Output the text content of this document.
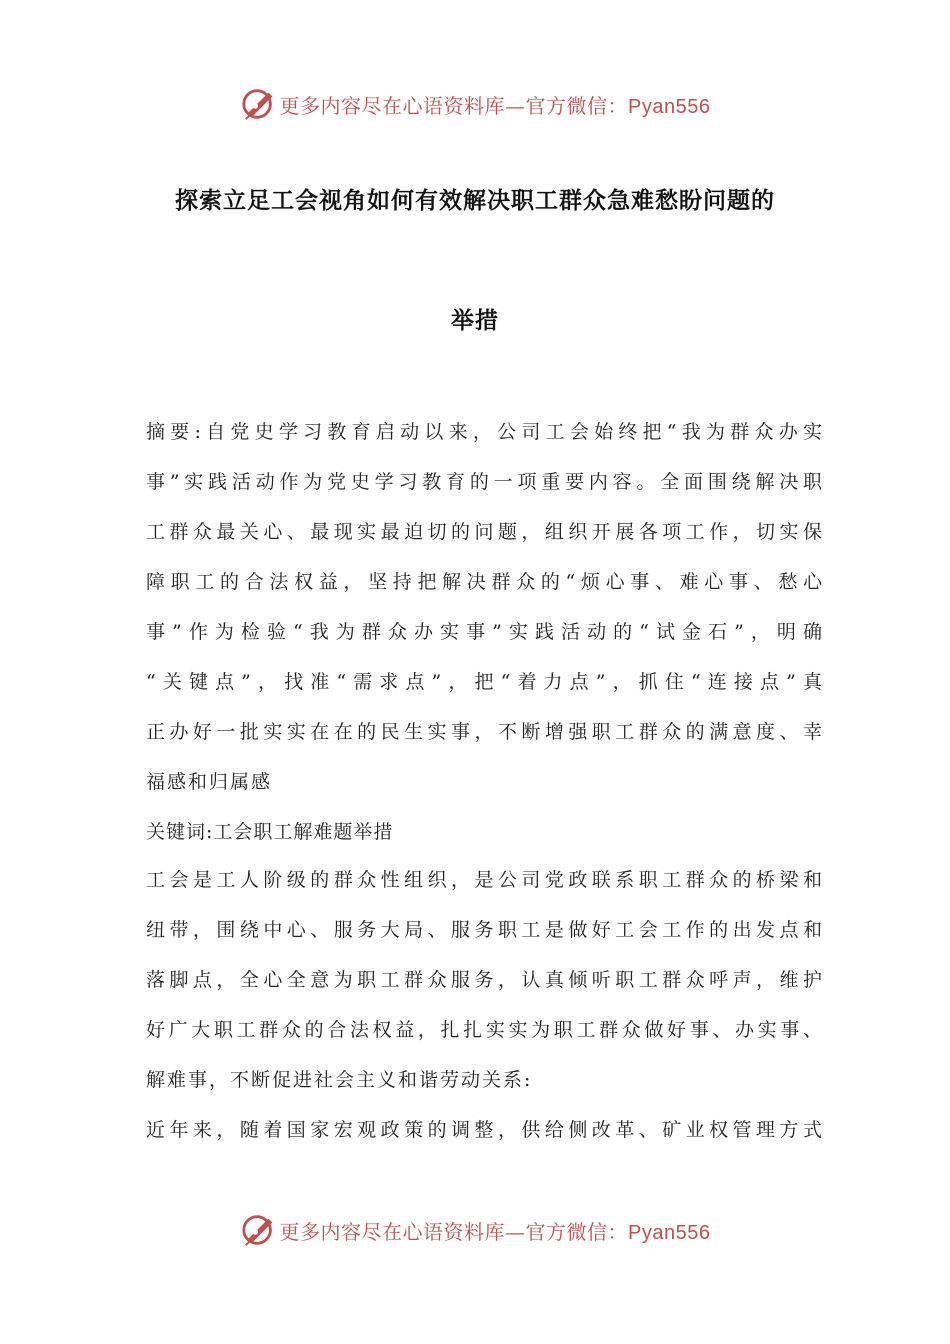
更多内容尽在心语资料库—官方微信：Pyan556
探索立足工会视角如何有效解决职工群众急难愁盼问题的
举措
摘要:自党史学习教育启动以来，公司工会始终把“我为群众办实
事”实践活动作为党史学习教育的一项重要内容。全面围绕解决职
工群众最关心、最现实最迫切的问题，组织开展各项工作，切实保
障职工的合法权益，坚持把解决群众的“烦心事、难心事、愁心
事”作为检验“我为群众办实事”实践活动的“试金石”，明确
“关键点”，找准“需求点”，把“着力点”，抓住“连接点”真
正办好一批实实在在的民生实事，不断增强职工群众的满意度、幸
福感和归属感
关键词:工会职工解难题举措
工会是工人阶级的群众性组织，是公司党政联系职工群众的桥梁和
纽带，围绕中心、服务大局、服务职工是做好工会工作的出发点和
落脚点，全心全意为职工群众服务，认真倾听职工群众呼声，维护
好广大职工群众的合法权益，扎扎实实为职工群众做好事、办实事、
解难事，不断促进社会主义和谐劳动关系:
近年来，随着国家宏观政策的调整，供给侧改革、矿业权管理方式
更多内容尽在心语资料库—官方微信：Pyan556
